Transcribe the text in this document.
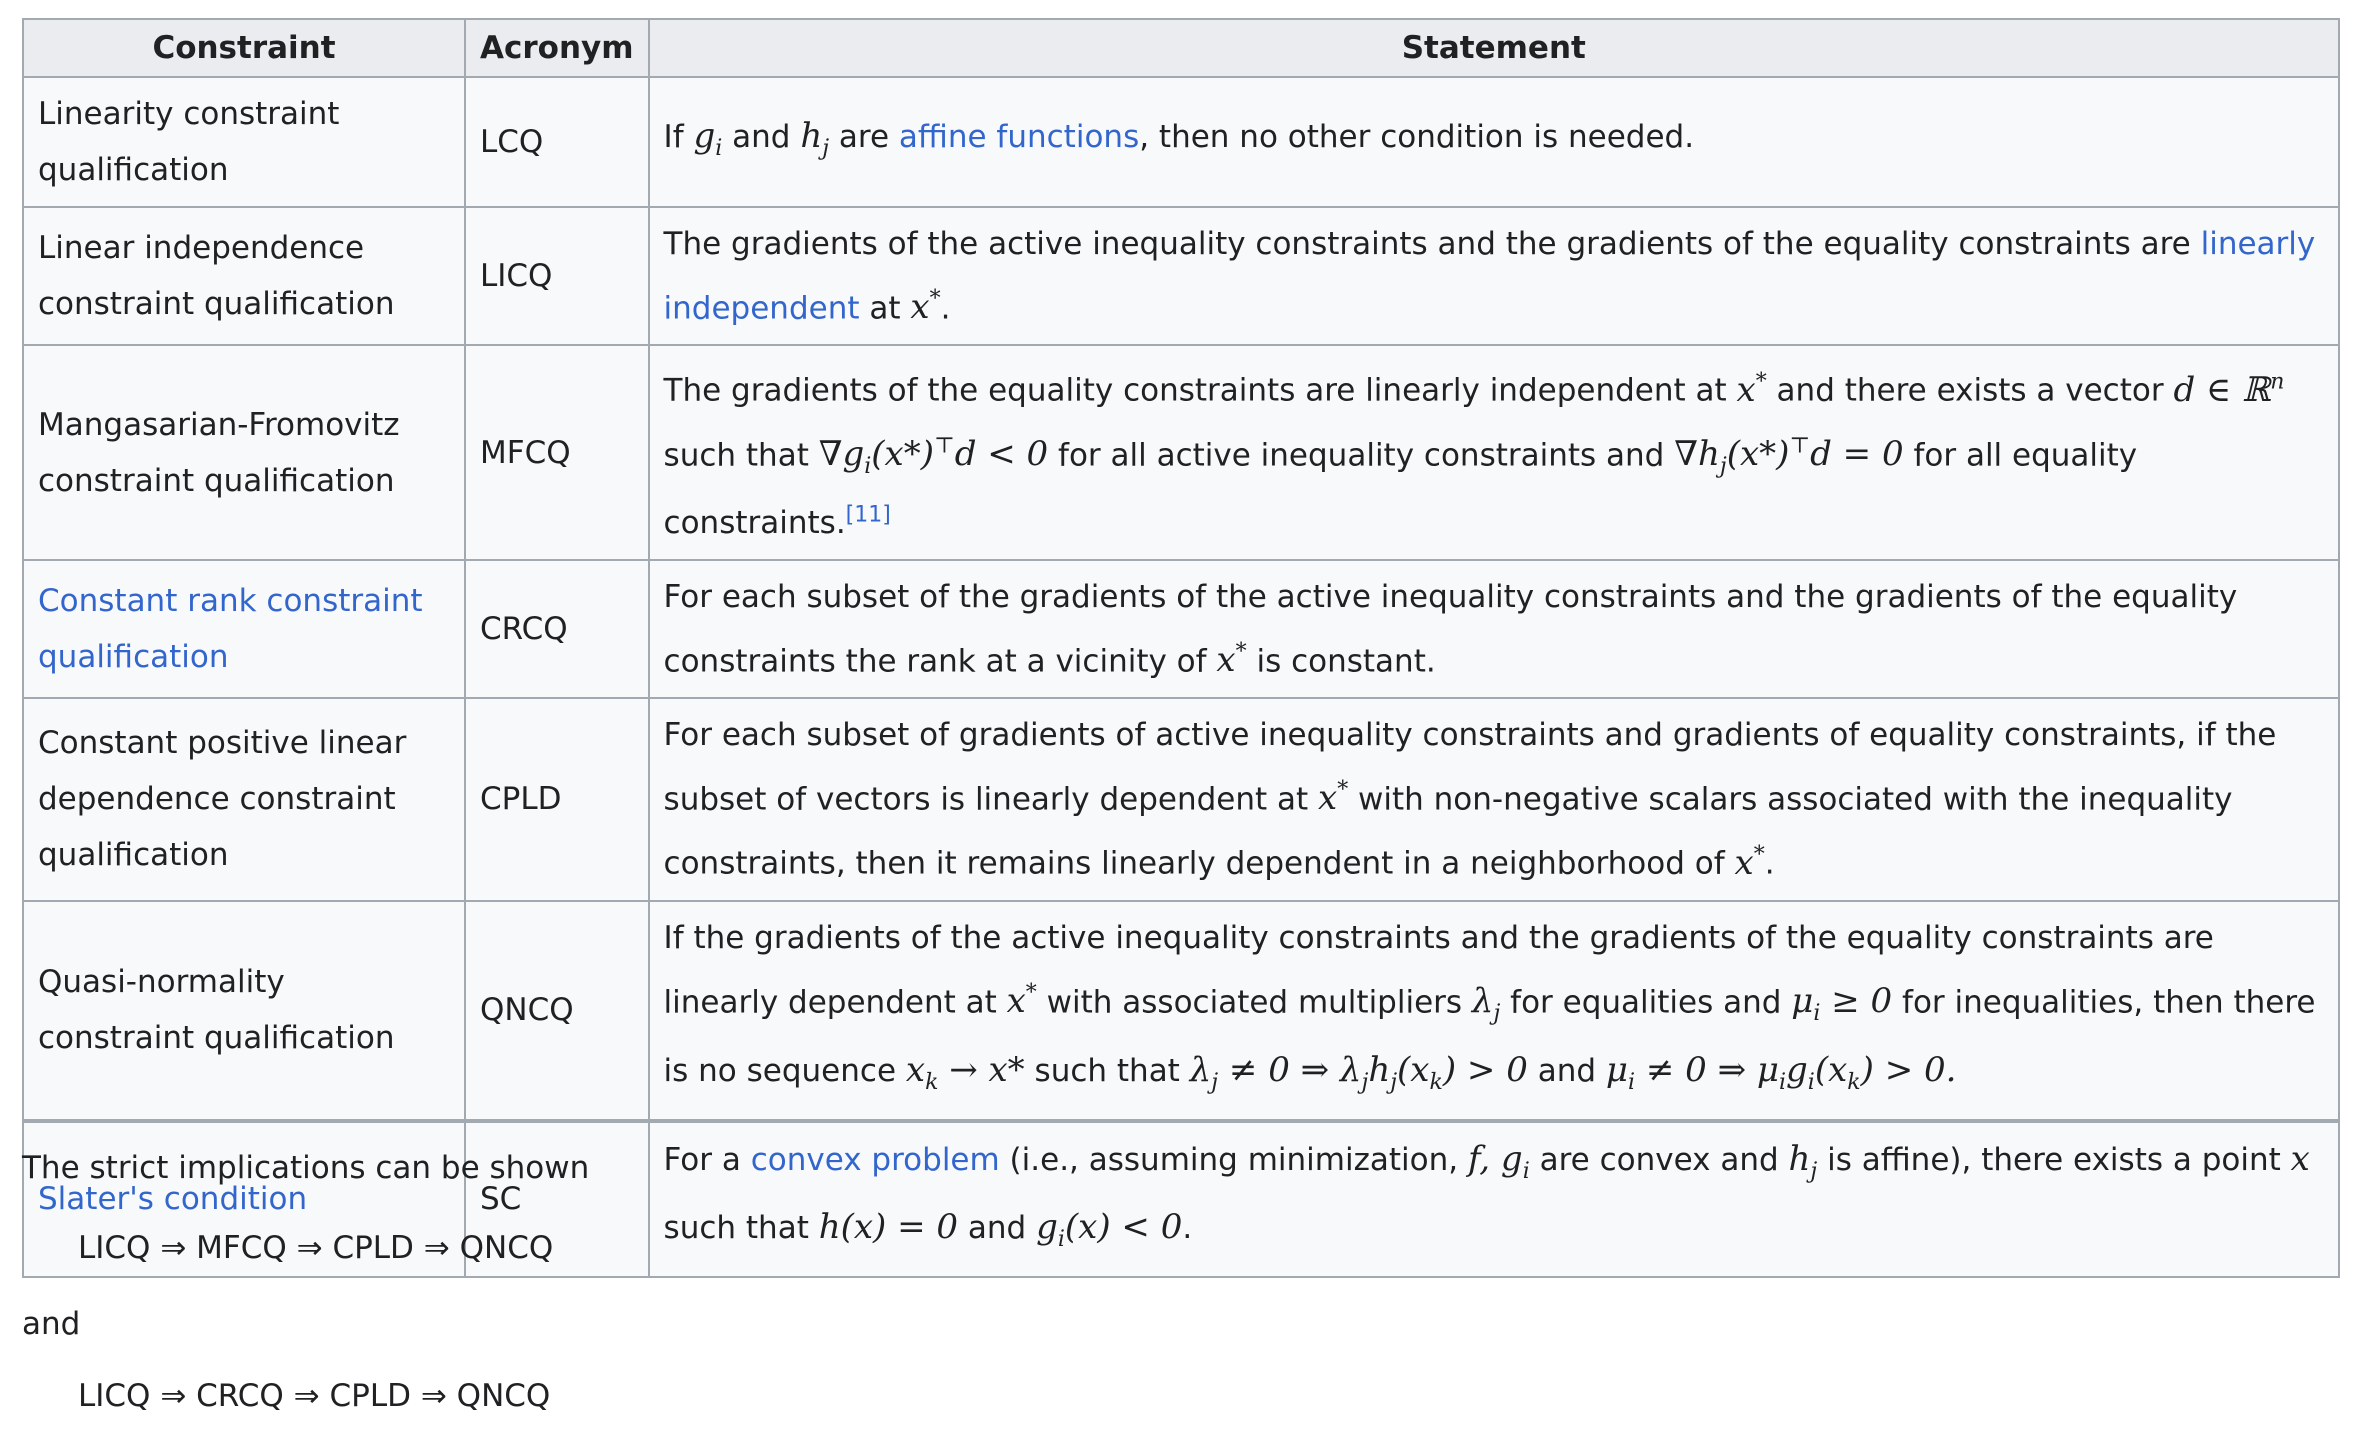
Constraint	Acronym	Statement
Linearity constraint qualification	LCQ	If $g_i$ and $h_j$ are affine functions, then no other condition is needed.
Linear independence constraint qualification	LICQ	The gradients of the active inequality constraints and the gradients of the equality constraints are linearly independent at x*.
Mangasarian-Fromovitz constraint qualification	MFCQ	The gradients of the equality constraints are linearly independent at x* and there exists a vector d ∈ ℝ$^n$ such that $\nabla g_i(x*)^⊤d < 0$ for all active inequality constraints and $\nabla h_j(x*)^⊤d = 0$ for all equality constraints.[11]
Constant rank constraint qualification	CRCQ	For each subset of the gradients of the active inequality constraints and the gradients of the equality constraints the rank at a vicinity of x* is constant.
Constant positive linear dependence constraint qualification	CPLD	For each subset of gradients of active inequality constraints and gradients of equality constraints, if the subset of vectors is linearly dependent at x* with non-negative scalars associated with the inequality constraints, then it remains linearly dependent in a neighborhood of x*.
Quasi-normality constraint qualification	QNCQ	If the gradients of the active inequality constraints and the gradients of the equality constraints are linearly dependent at x* with associated multipliers $\lambda_j$ for equalities and $\mu_i \ge 0$ for inequalities, then there is no sequence $x_k \to x*$ such that $\lambda_j \ne 0$ ⇒ $\lambda_jh_j(x_k) > 0$ and $\mu_i \ne 0$ ⇒ $\mu_ig_i(x_k) > 0$.
Slater's condition	SC	For a convex problem (i.e., assuming minimization, f, $g_i$ are convex and $h_j$ is affine), there exists a point x such that h(x) = 0 and $g_i(x) < 0$.

The strict implications can be shown

LICQ ⇒ MFCQ ⇒ CPLD ⇒ QNCQ
and
LICQ ⇒ CRCQ ⇒ CPLD ⇒ QNCQ
